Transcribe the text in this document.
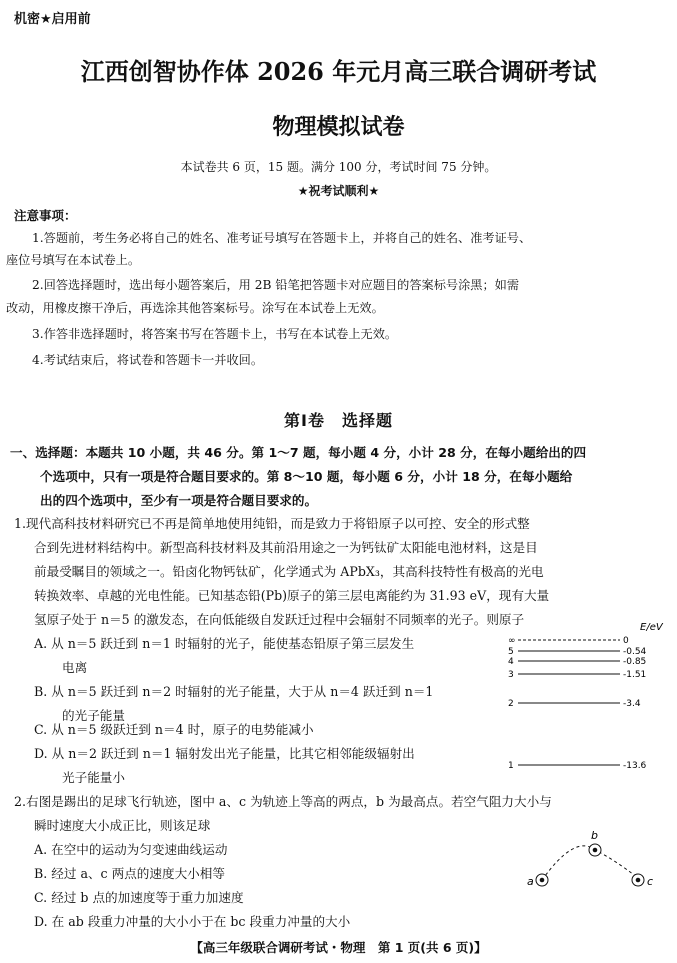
机密★启用前
江西创智协作体 2026 年元月高三联合调研考试
物理模拟试卷
本试卷共 6 页，15 题。满分 100 分，考试时间 75 分钟。
★祝考试顺利★
注意事项：
1.答题前，考生务必将自己的姓名、准考证号填写在答题卡上，并将自己的姓名、准考证号、
座位号填写在本试卷上。
2.回答选择题时，选出每小题答案后，用 2B 铅笔把答题卡对应题目的答案标号涂黑；如需
改动，用橡皮擦干净后，再选涂其他答案标号。涂写在本试卷上无效。
3.作答非选择题时，将答案书写在答题卡上，书写在本试卷上无效。
4.考试结束后，将试卷和答题卡一并收回。
第Ⅰ卷　选择题
一、选择题：本题共 10 小题，共 46 分。第 1～7 题，每小题 4 分，小计 28 分，在每小题给出的四
个选项中，只有一项是符合题目要求的。第 8～10 题，每小题 6 分，小计 18 分，在每小题给
出的四个选项中，至少有一项是符合题目要求的。
1.现代高科技材料研究已不再是简单地使用纯铅，而是致力于将铅原子以可控、安全的形式整
合到先进材料结构中。新型高科技材料及其前沿用途之一为钙钛矿太阳能电池材料，这是目
前最受瞩目的领域之一。铅卤化物钙钛矿，化学通式为 APbX₃，其高科技特性有极高的光电
转换效率、卓越的光电性能。已知基态铅(Pb)原子的第三层电离能约为 31.93 eV，现有大量
氢原子处于 n＝5 的激发态，在向低能级自发跃迁过程中会辐射不同频率的光子。则原子
A. 从 n＝5 跃迁到 n＝1 时辐射的光子，能使基态铅原子第三层发生
电离
B. 从 n＝5 跃迁到 n＝2 时辐射的光子能量，大于从 n＝4 跃迁到 n＝1
的光子能量
C. 从 n＝5 级跃迁到 n＝4 时，原子的电势能减小
D. 从 n＝2 跃迁到 n＝1 辐射发出光子能量，比其它相邻能级辐射出
光子能量小
E/eV
∞	0
5	-0.54
4	-0.85
3	-1.51
2	-3.4
1	-13.6
2.右图是踢出的足球飞行轨迹，图中 a、c 为轨迹上等高的两点，b 为最高点。若空气阻力大小与
瞬时速度大小成正比，则该足球
A. 在空中的运动为匀变速曲线运动
B. 经过 a、c 两点的速度大小相等
C. 经过 b 点的加速度等于重力加速度
D. 在 ab 段重力冲量的大小小于在 bc 段重力冲量的大小
a
b
c
【高三年级联合调研考试・物理　第 1 页(共 6 页)】
